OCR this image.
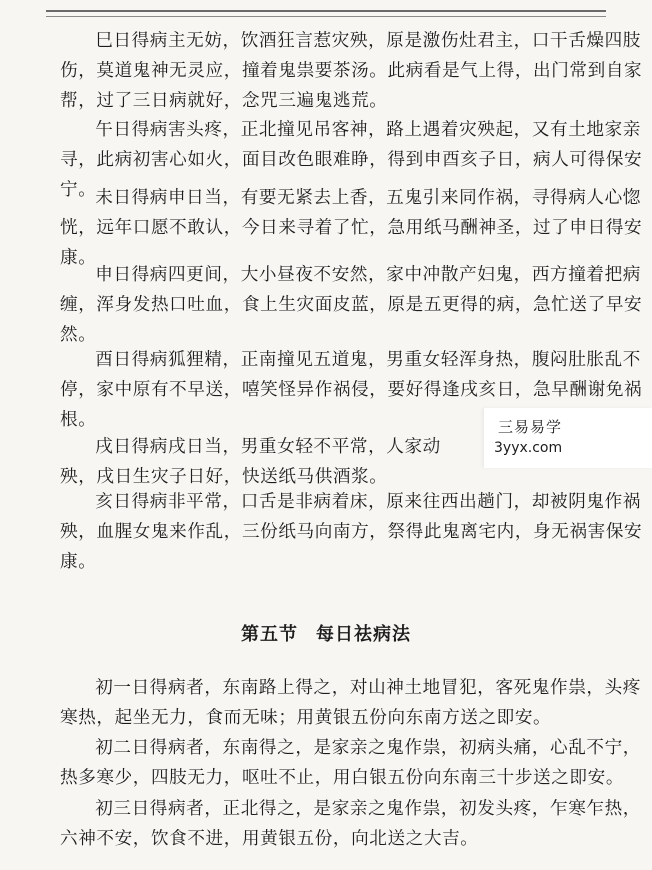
巳日得病主无妨，饮酒狂言惹灾殃，原是激伤灶君主，口干舌燥四肢
伤，莫道鬼神无灵应，撞着鬼祟要茶汤。此病看是气上得，出门常到自家
帮，过了三日病就好，念咒三遍鬼逃荒。

午日得病害头疼，正北撞见吊客神，路上遇着灾殃起，又有土地家亲
寻，此病初害心如火，面目改色眼难睁，得到申酉亥子日，病人可得保安
宁。

未日得病申日当，有要无紧去上香，五鬼引来同作祸，寻得病人心惚
恍，远年口愿不敢认，今日来寻着了忙，急用纸马酬神圣，过了申日得安
康。

申日得病四更间，大小昼夜不安然，家中冲散产妇鬼，西方撞着把病
缠，浑身发热口吐血，食上生灾面皮蓝，原是五更得的病，急忙送了早安
然。

酉日得病狐狸精，正南撞见五道鬼，男重女轻浑身热，腹闷肚胀乱不
停，家中原有不早送，嘻笑怪异作祸侵，要好得逢戌亥日，急早酬谢免祸
根。

戌日得病戌日当，男重女轻不平常，人家动
殃，戌日生灾子日好，快送纸马供酒浆。

亥日得病非平常，口舌是非病着床，原来往西出趟门，却被阴鬼作祸
殃，血腥女鬼来作乱，三份纸马向南方，祭得此鬼离宅内，身无祸害保安
康。

第五节 每日祛病法

初一日得病者，东南路上得之，对山神土地冒犯，客死鬼作祟，头疼
寒热，起坐无力，食而无味；用黄银五份向东南方送之即安。

初二日得病者，东南得之，是家亲之鬼作祟，初病头痛，心乱不宁，
热多寒少，四肢无力，呕吐不止，用白银五份向东南三十步送之即安。

初三日得病者，正北得之，是家亲之鬼作祟，初发头疼，乍寒乍热，
六神不安，饮食不进，用黄银五份，向北送之大吉。

三易易学
3yyx.com
